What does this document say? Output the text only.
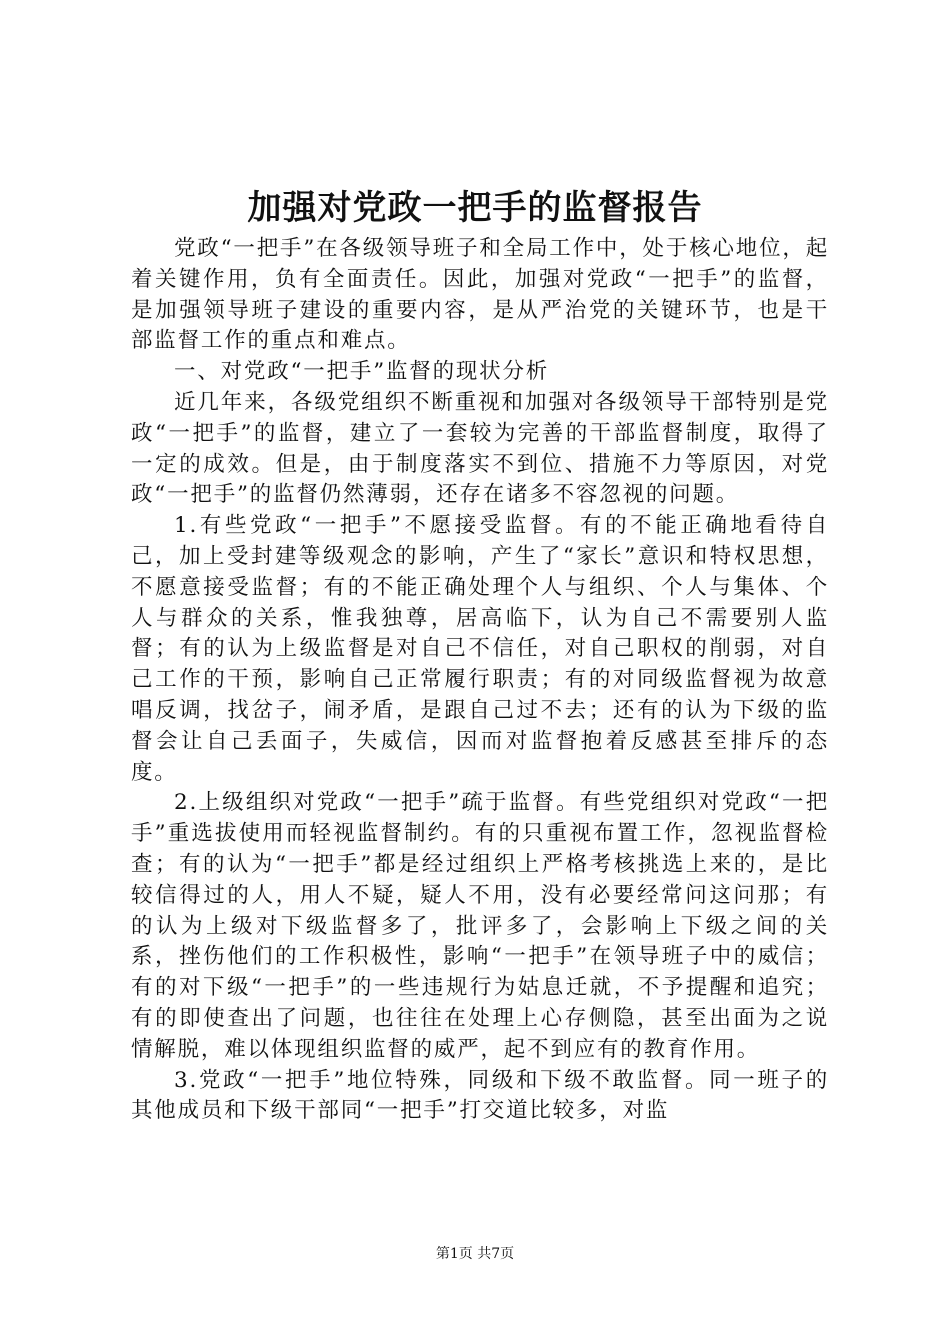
加强对党政一把手的监督报告

党政“一把手”在各级领导班子和全局工作中，处于核心地位，起着关键作用，负有全面责任。因此，加强对党政“一把手”的监督，是加强领导班子建设的重要内容，是从严治党的关键环节，也是干部监督工作的重点和难点。

一、对党政“一把手”监督的现状分析

近几年来，各级党组织不断重视和加强对各级领导干部特别是党政“一把手”的监督，建立了一套较为完善的干部监督制度，取得了一定的成效。但是，由于制度落实不到位、措施不力等原因，对党政“一把手”的监督仍然薄弱，还存在诸多不容忽视的问题。

1.有些党政“一把手”不愿接受监督。有的不能正确地看待自己，加上受封建等级观念的影响，产生了“家长”意识和特权思想，不愿意接受监督；有的不能正确处理个人与组织、个人与集体、个人与群众的关系，惟我独尊，居高临下，认为自己不需要别人监督；有的认为上级监督是对自己不信任，对自己职权的削弱，对自己工作的干预，影响自己正常履行职责；有的对同级监督视为故意唱反调，找岔子，闹矛盾，是跟自己过不去；还有的认为下级的监督会让自己丢面子，失威信，因而对监督抱着反感甚至排斥的态度。

2.上级组织对党政“一把手”疏于监督。有些党组织对党政“一把手”重选拔使用而轻视监督制约。有的只重视布置工作，忽视监督检查；有的认为“一把手”都是经过组织上严格考核挑选上来的，是比较信得过的人，用人不疑，疑人不用，没有必要经常问这问那；有的认为上级对下级监督多了，批评多了，会影响上下级之间的关系，挫伤他们的工作积极性，影响“一把手”在领导班子中的威信；有的对下级“一把手”的一些违规行为姑息迁就，不予提醒和追究；有的即使查出了问题，也往往在处理上心存侧隐，甚至出面为之说情解脱，难以体现组织监督的威严，起不到应有的教育作用。

3.党政“一把手”地位特殊，同级和下级不敢监督。同一班子的其他成员和下级干部同“一把手”打交道比较多，对监

第1页 共7页
